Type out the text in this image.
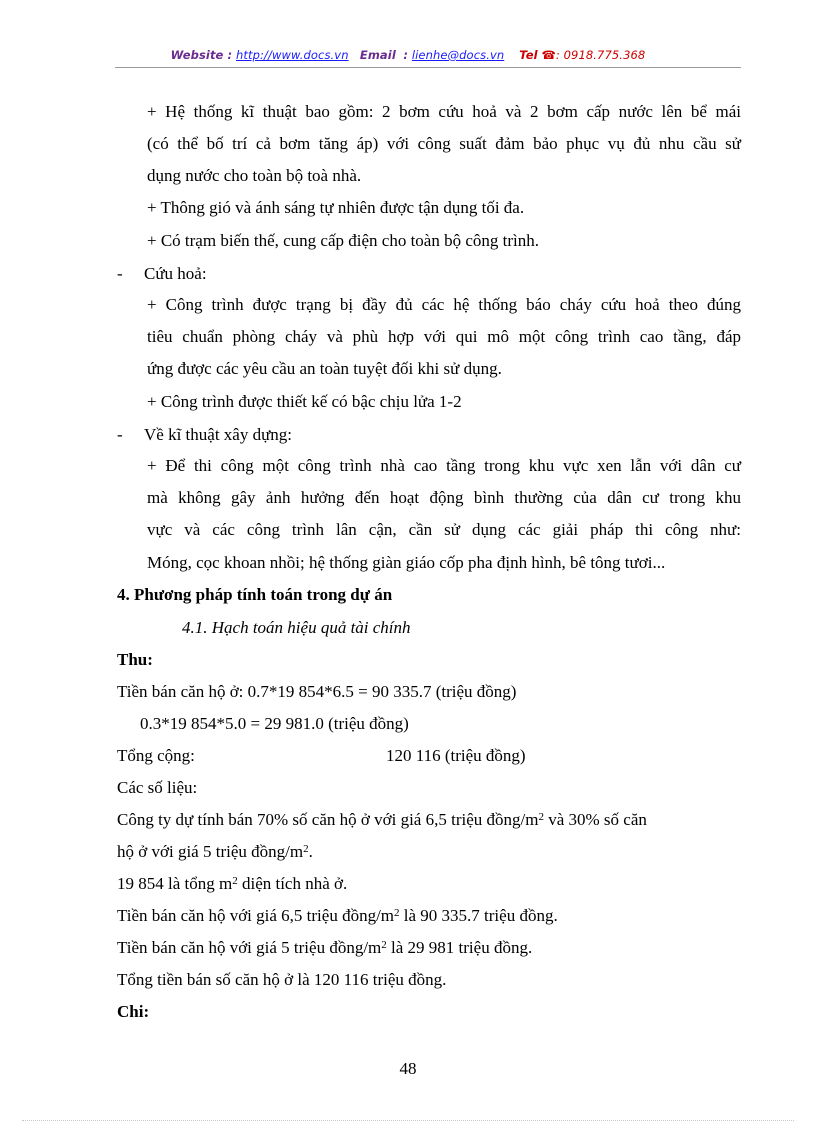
Website : http://www.docs.vn Email : lienhe@docs.vn Tel ☎: 0918.775.368
+ Hệ thống kĩ thuật bao gồm: 2 bơm cứu hoả và 2 bơm cấp nước lên bể mái
(có thể bố trí cả bơm tăng áp) với công suất đảm bảo phục vụ đủ nhu cầu sử
dụng nước cho toàn bộ toà nhà.
+ Thông gió và ánh sáng tự nhiên được tận dụng tối đa.
+ Có trạm biến thế, cung cấp điện cho toàn bộ công trình.
- Cứu hoả:
+ Công trình được trạng bị đầy đủ các hệ thống báo cháy cứu hoả theo đúng
tiêu chuẩn phòng cháy và phù hợp với qui mô một công trình cao tầng, đáp
ứng được các yêu cầu an toàn tuyệt đối khi sử dụng.
+ Công trình được thiết kế có bậc chịu lửa 1-2
- Về kĩ thuật xây dựng:
+ Để thi công một công trình nhà cao tầng trong khu vực xen lẫn với dân cư
mà không gây ảnh hưởng đến hoạt động bình thường của dân cư trong khu
vực và các công trình lân cận, cần sử dụng các giải pháp thi công như:
Móng, cọc khoan nhồi; hệ thống giàn giáo cốp pha định hình, bê tông tươi...
4. Phương pháp tính toán trong dự án
4.1. Hạch toán hiệu quả tài chính
Thu:
Tiền bán căn hộ ở: 0.7*19 854*6.5 = 90 335.7 (triệu đồng)
0.3*19 854*5.0 = 29 981.0 (triệu đồng)
Tổng cộng:	120 116 (triệu đồng)
Các số liệu:
Công ty dự tính bán 70% số căn hộ ở với giá 6,5 triệu đồng/$m^2$ và 30% số căn
hộ ở với giá 5 triệu đồng/$m^2$.
19 854 là tổng $m^2$ diện tích nhà ở.
Tiền bán căn hộ với giá 6,5 triệu đồng/$m^2$ là 90 335.7 triệu đồng.
Tiền bán căn hộ với giá 5 triệu đồng/$m^2$ là 29 981 triệu đồng.
Tổng tiền bán số căn hộ ở là 120 116 triệu đồng.
Chi:
48
